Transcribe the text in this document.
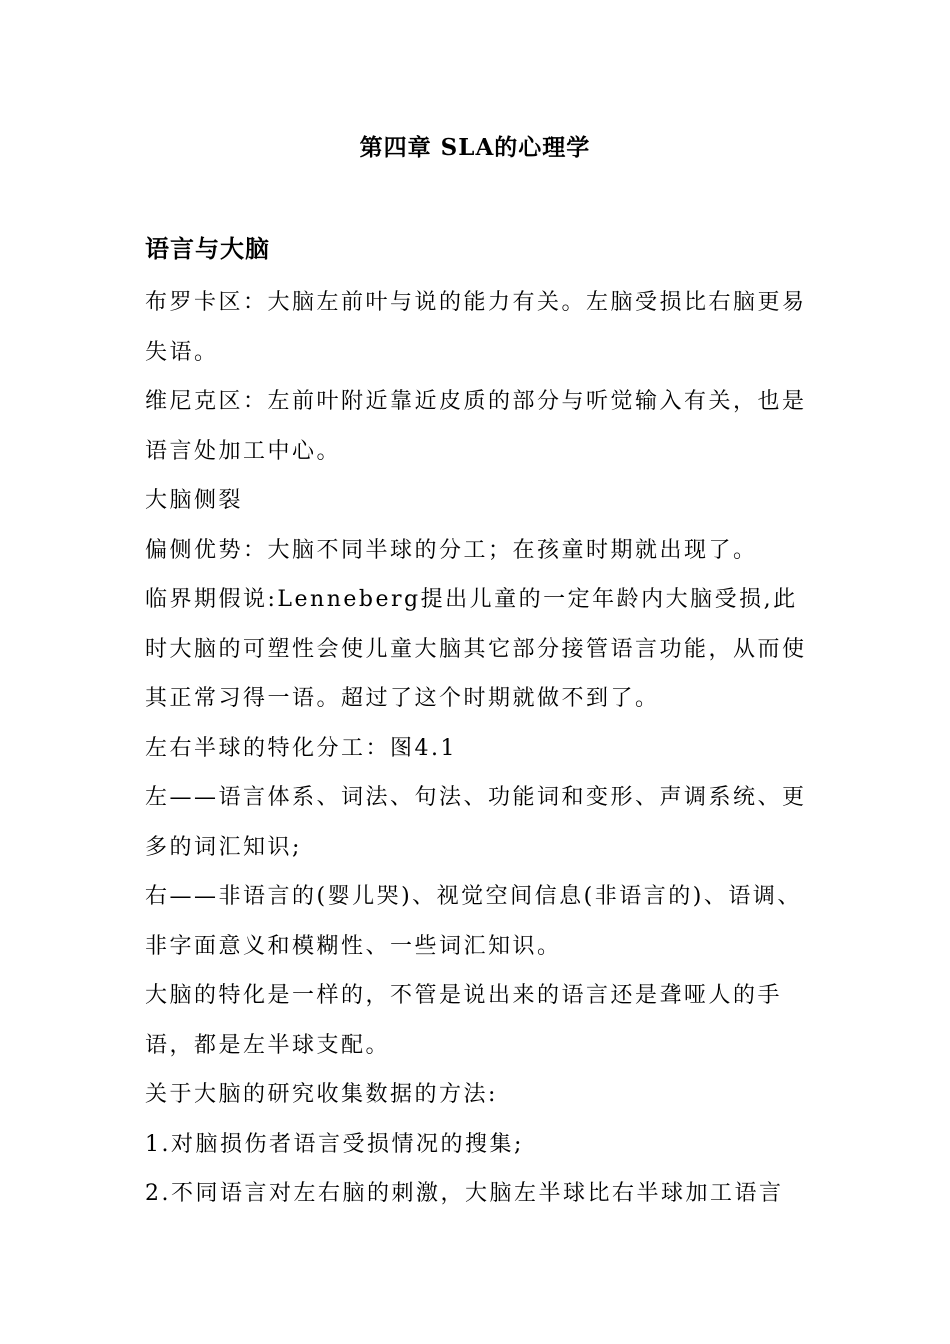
第四章 SLA的心理学
语言与大脑

布罗卡区：大脑左前叶与说的能力有关。左脑受损比右脑更易失语。

维尼克区：左前叶附近靠近皮质的部分与听觉输入有关，也是语言处加工中心。

大脑侧裂

偏侧优势：大脑不同半球的分工；在孩童时期就出现了。

临界期假说:Lenneberg提出儿童的一定年龄内大脑受损,此时大脑的可塑性会使儿童大脑其它部分接管语言功能，从而使其正常习得一语。超过了这个时期就做不到了。

左右半球的特化分工：图4.1

左——语言体系、词法、句法、功能词和变形、声调系统、更多的词汇知识;

右——非语言的(婴儿哭)、视觉空间信息(非语言的)、语调、非字面意义和模糊性、一些词汇知识。

大脑的特化是一样的，不管是说出来的语言还是聋哑人的手语，都是左半球支配。

关于大脑的研究收集数据的方法:

1.对脑损伤者语言受损情况的搜集;

2.不同语言对左右脑的刺激，大脑左半球比右半球加工语言
